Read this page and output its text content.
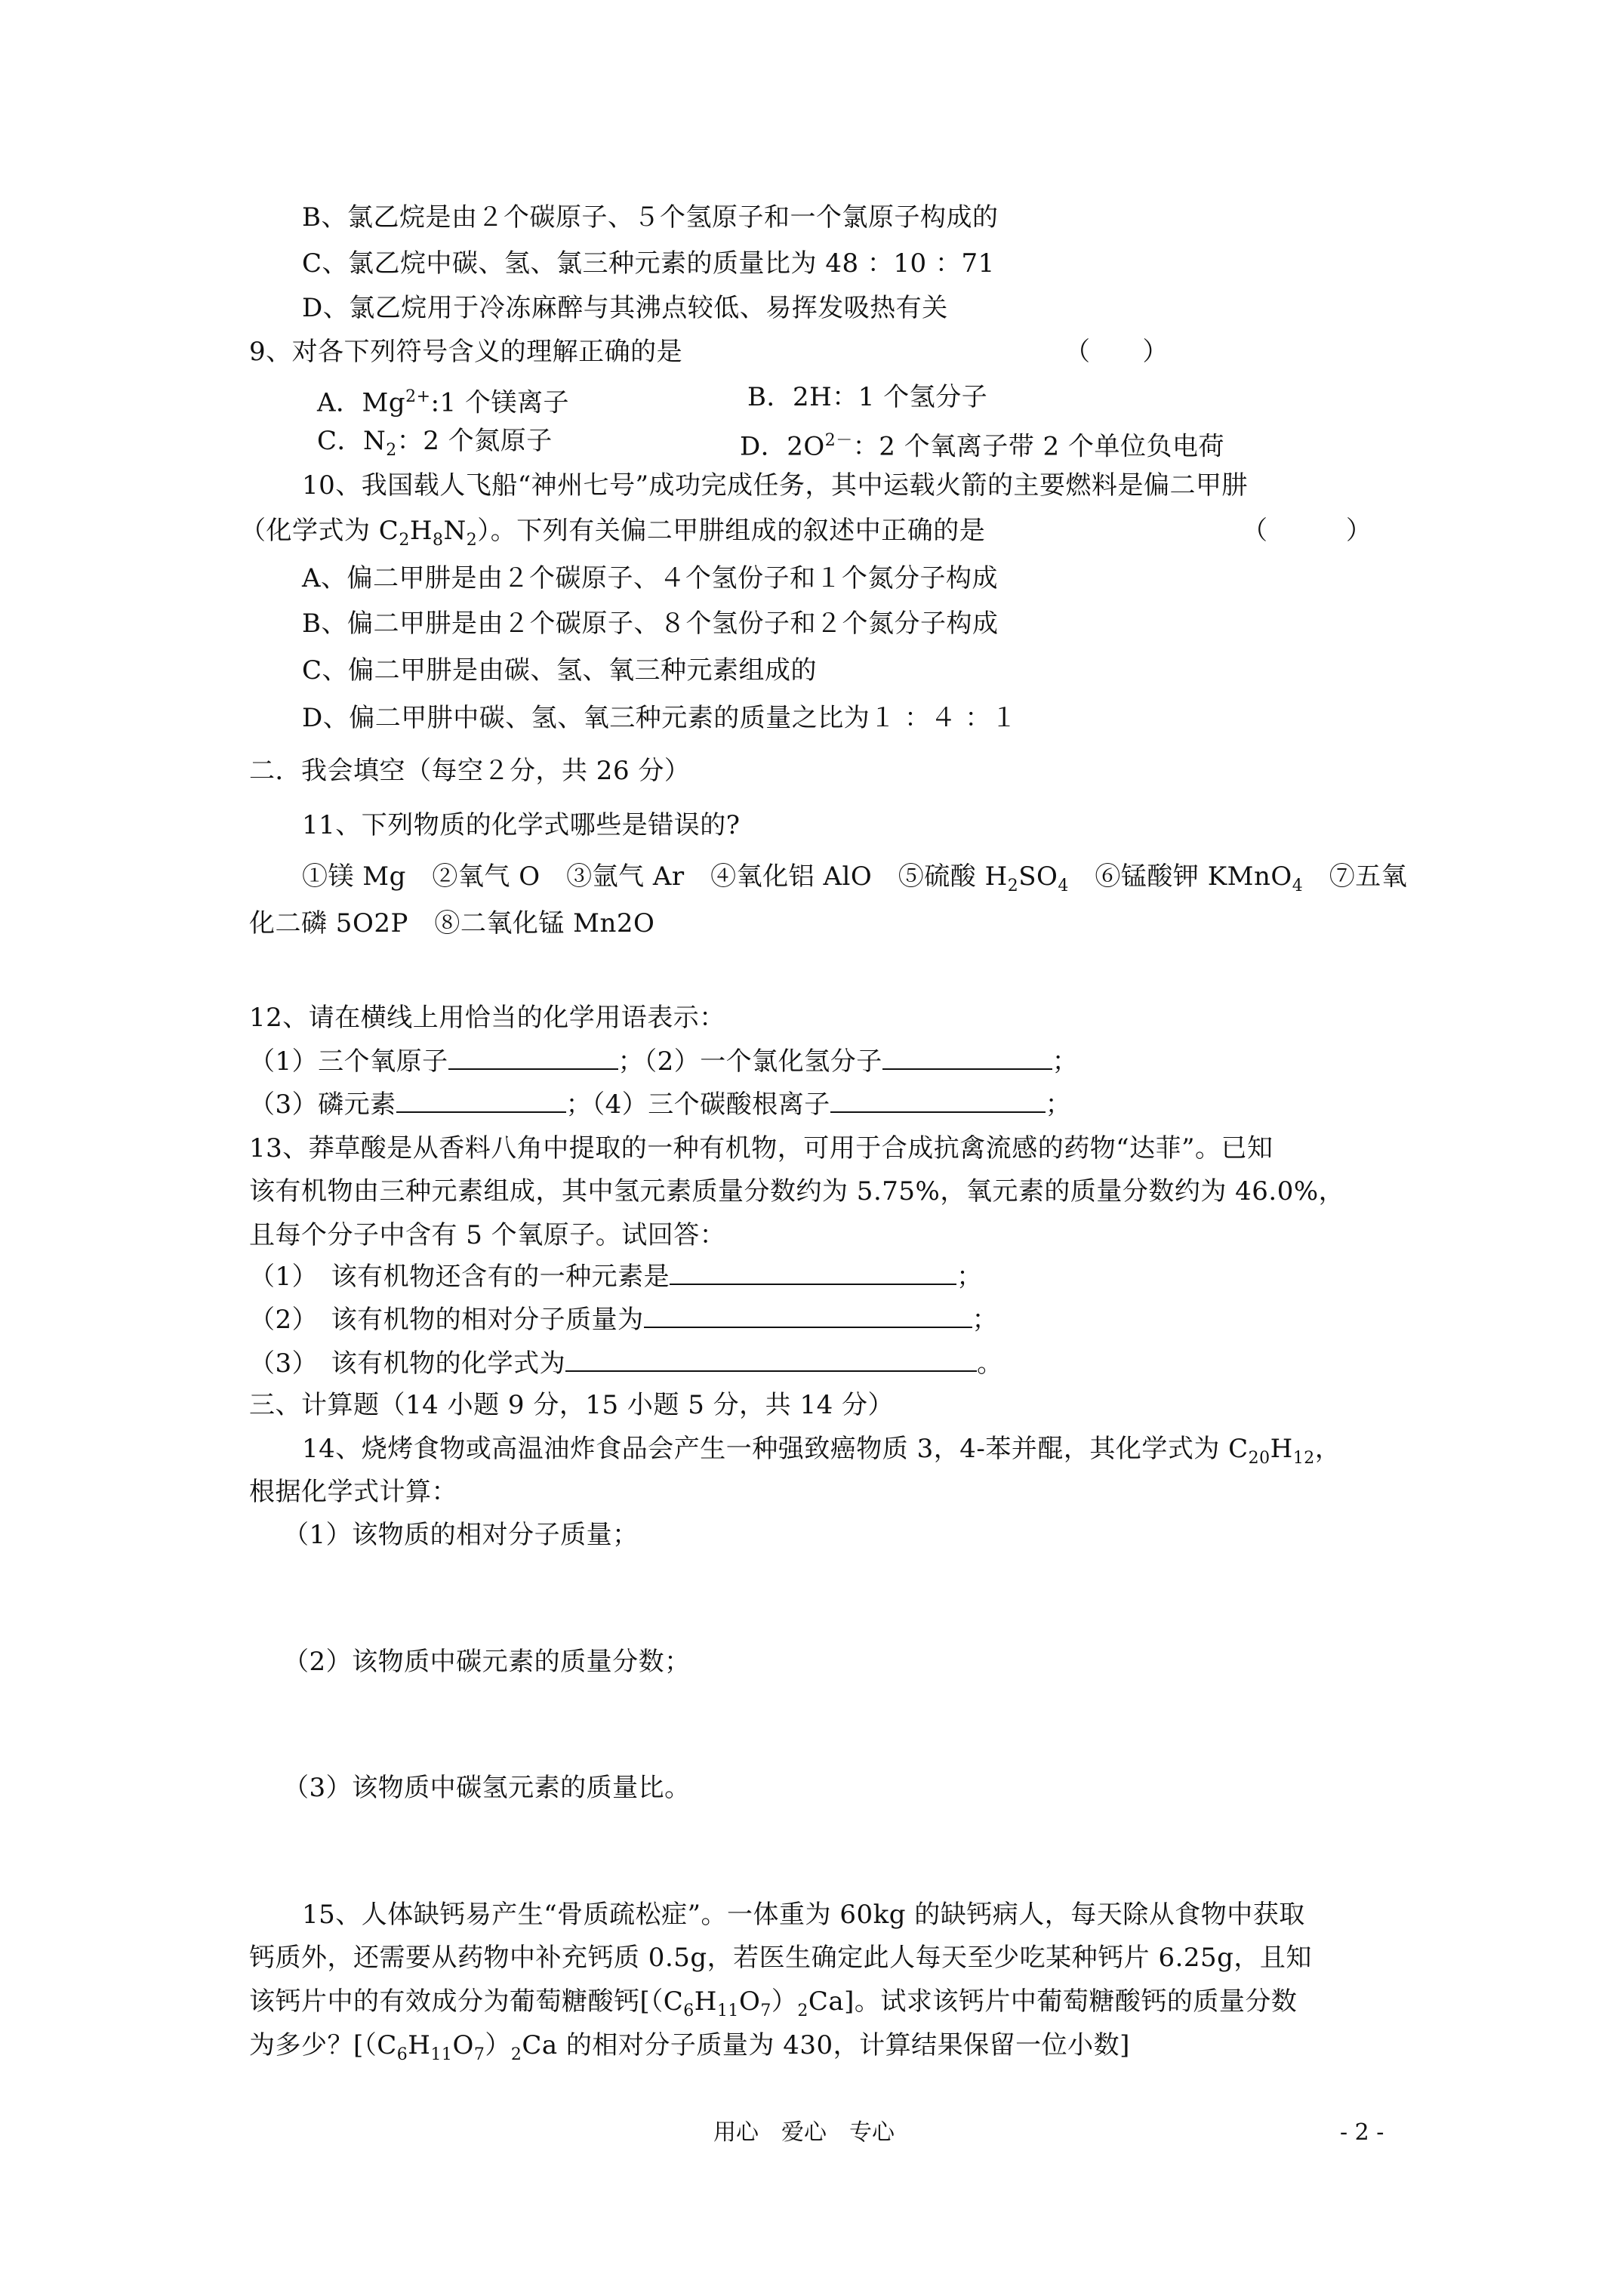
B、氯乙烷是由２个碳原子、５个氢原子和一个氯原子构成的
C、氯乙烷中碳、氢、氯三种元素的质量比为 48 ：10 ：71
D、氯乙烷用于冷冻麻醉与其沸点较低、易挥发吸热有关
9、对各下列符号含义的理解正确的是	（　　）
A．$Mg^{2+}:1$ 个镁离子	B．2H：1 个氢分子
C．$N_2$：2 个氮原子	D．$2O^{2-}$：2 个氧离子带 2 个单位负电荷
10、我国载人飞船“神州七号”成功完成任务，其中运载火箭的主要燃料是偏二甲肼
（化学式为 $C_2H_8N_2$）。下列有关偏二甲肼组成的叙述中正确的是	（　　　）
A、偏二甲肼是由２个碳原子、４个氢份子和１个氮分子构成
B、偏二甲肼是由２个碳原子、８个氢份子和２个氮分子构成
C、偏二甲肼是由碳、氢、氧三种元素组成的
D、偏二甲肼中碳、氢、氧三种元素的质量之比为１ ：４ ：１
二．我会填空（每空２分，共 26 分）
11、下列物质的化学式哪些是错误的?
①镁 Mg　②氧气 O　③氩气 Ar　④氧化铝 AlO　⑤硫酸 $H_2SO_4$　⑥锰酸钾 KMnO$_4$　⑦五氧
化二磷 5O2P　⑧二氧化锰 Mn2O
12、请在横线上用恰当的化学用语表示：
（1）三个氧原子	；（2）一个氯化氢分子	；
（3）磷元素	；（4）三个碳酸根离子	；
13、莽草酸是从香料八角中提取的一种有机物，可用于合成抗禽流感的药物“达菲”。已知
该有机物由三种元素组成，其中氢元素质量分数约为 5.75%，氧元素的质量分数约为 46.0%，
且每个分子中含有 5 个氧原子。试回答：
（1）　该有机物还含有的一种元素是	；
（2）　该有机物的相对分子质量为	；
（3）　该有机物的化学式为	。
三、计算题（14 小题 9 分，15 小题 5 分，共 14 分）
14、烧烤食物或高温油炸食品会产生一种强致癌物质 3，4-苯并醌，其化学式为 $C_{20}H_{12}$，
根据化学式计算：
（1）该物质的相对分子质量；
（2）该物质中碳元素的质量分数；
（3）该物质中碳氢元素的质量比。
15、人体缺钙易产生“骨质疏松症”。一体重为 60kg 的缺钙病人，每天除从食物中获取
钙质外，还需要从药物中补充钙质 0.5g，若医生确定此人每天至少吃某种钙片 6.25g，且知
该钙片中的有效成分为葡萄糖酸钙$[(C_6H_{11}O_7)_2Ca]$。试求该钙片中葡萄糖酸钙的质量分数
为多少？[$(C_6H_{11}O_7)_2Ca$ 的相对分子质量为 430，计算结果保留一位小数]
用心　爱心　专心	- 2 -
